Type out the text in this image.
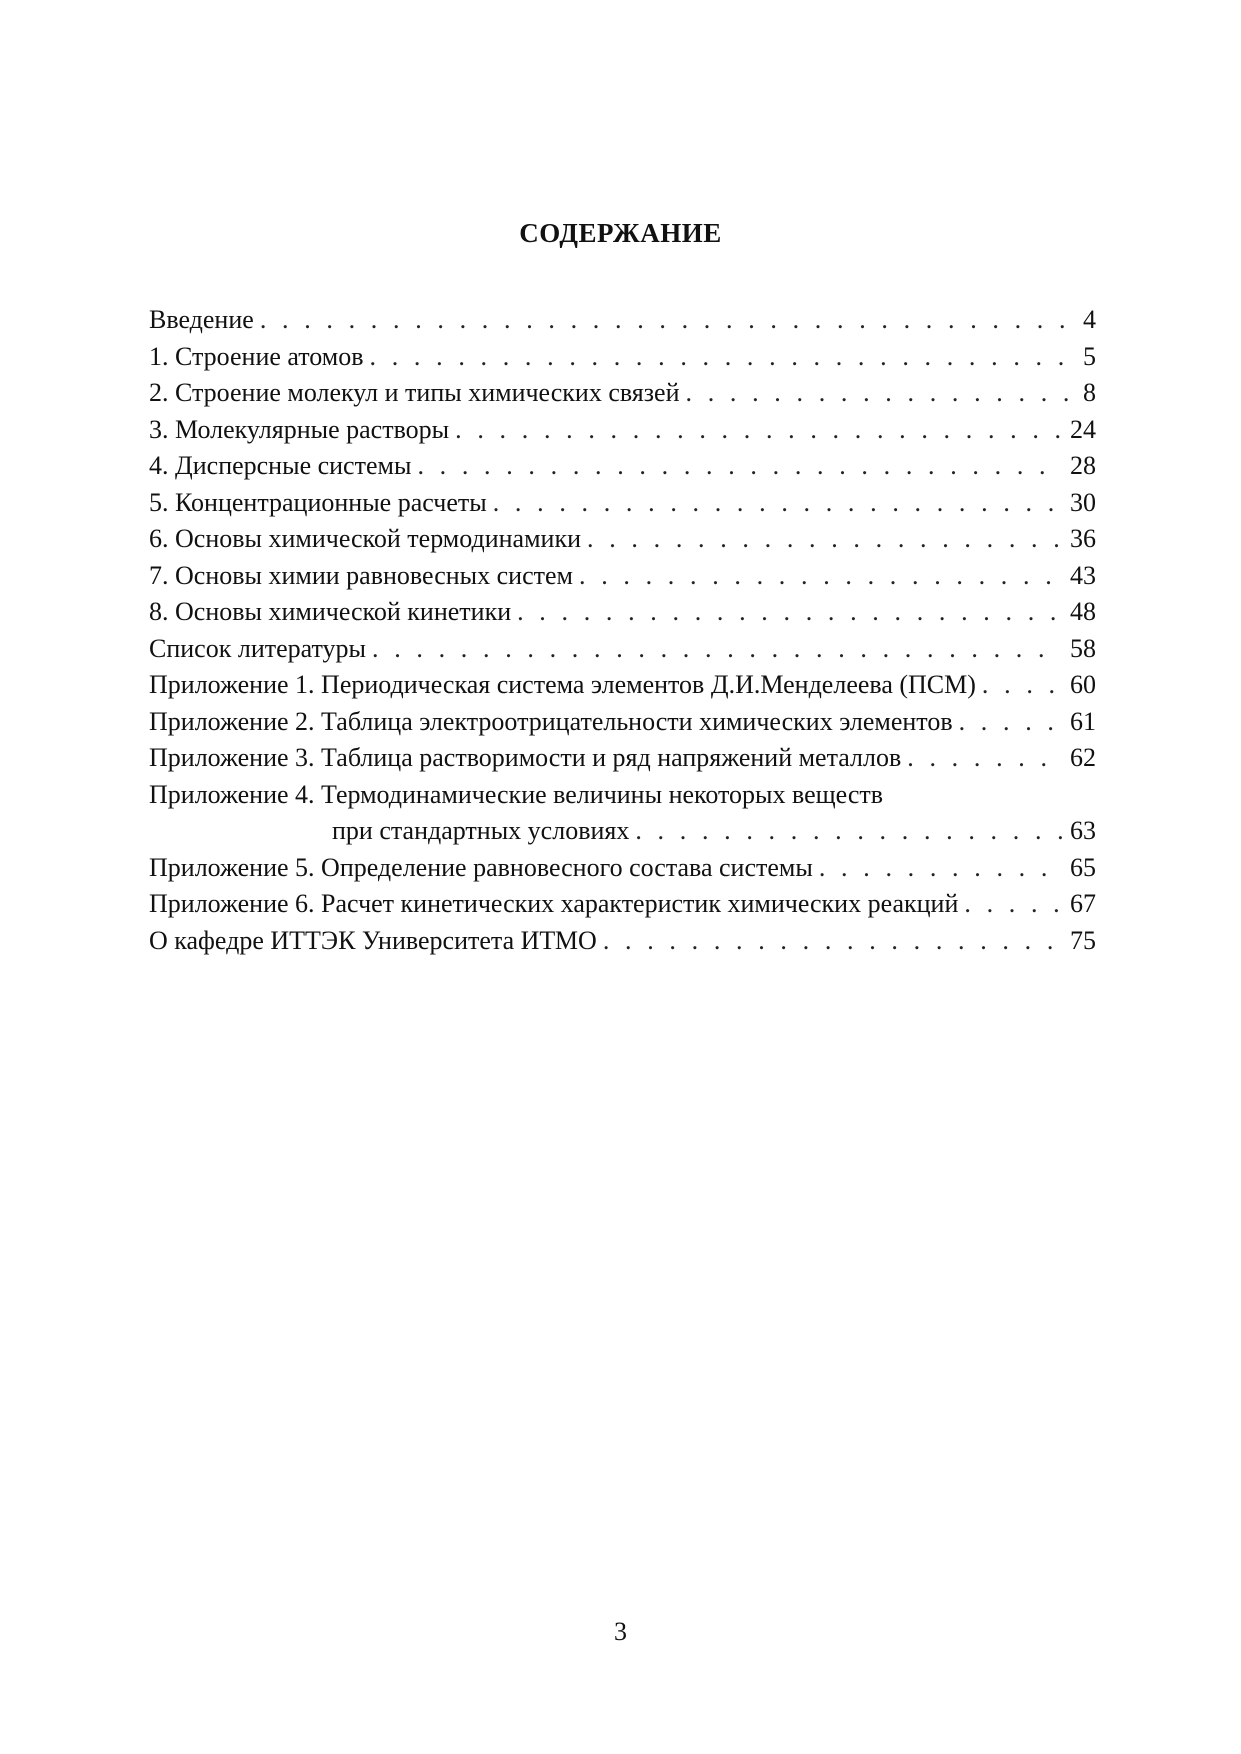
СОДЕРЖАНИЕ
Введение . . .	4
1. Строение атомов . . .	5
2. Строение молекул и типы химических связей . . .	8
3. Молекулярные растворы . . .	24
4. Дисперсные системы . . .	28
5. Концентрационные расчеты . . .	30
6. Основы химической термодинамики . . .	36
7. Основы химии равновесных систем . . .	43
8. Основы химической кинетики . . .	48
Список литературы . . .	58
Приложение 1. Периодическая система элементов Д.И.Менделеева (ПСМ) . . .	60
Приложение 2. Таблица электроотрицательности химических элементов . . .	61
Приложение 3. Таблица растворимости и ряд напряжений металлов . . .	62
Приложение 4. Термодинамические величины некоторых веществ
при стандартных условиях . . .	63
Приложение 5. Определение равновесного состава системы . . .	65
Приложение 6. Расчет кинетических характеристик химических реакций . . .	67
О кафедре ИТТЭК Университета ИТМО . . .	75
3
